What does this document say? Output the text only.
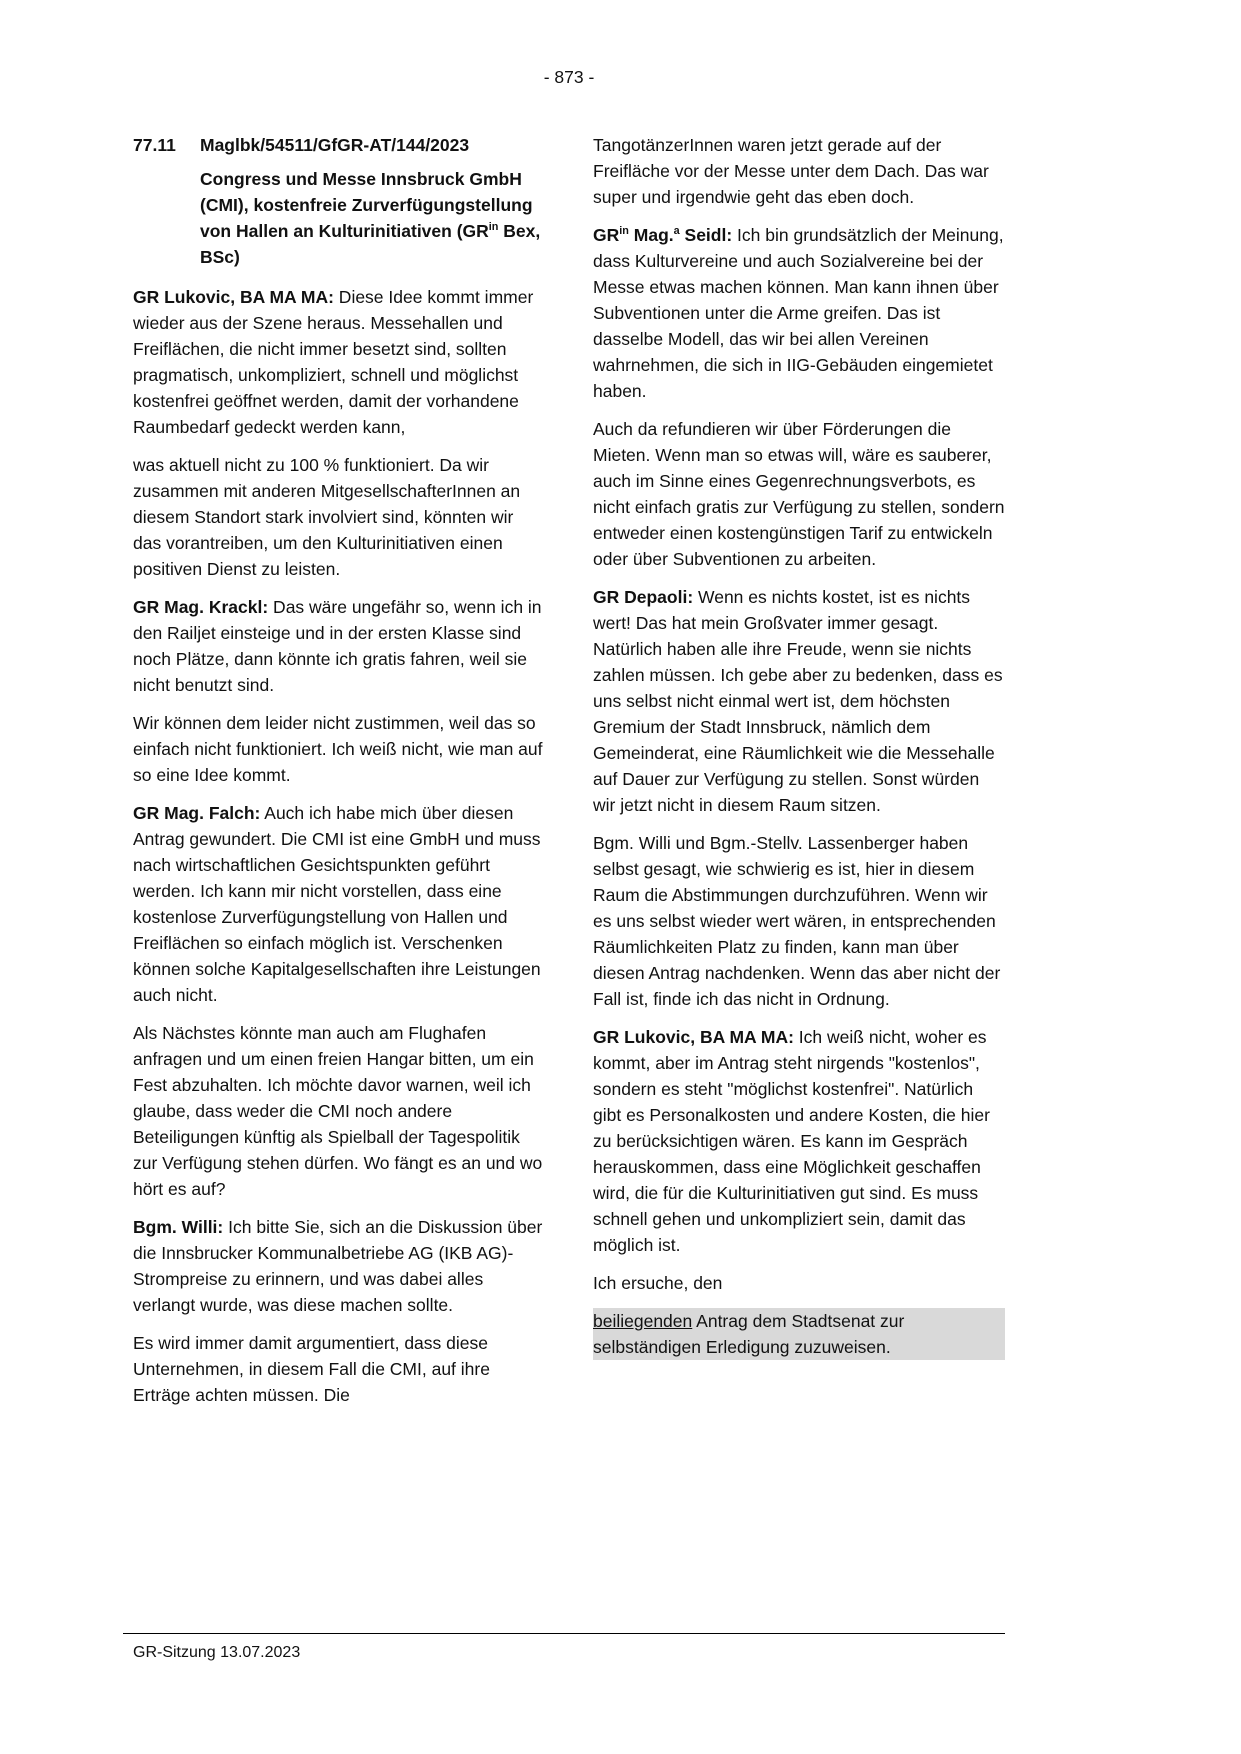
- 873 -
77.11	Maglbk/54511/GfGR-AT/144/2023
Congress und Messe Innsbruck GmbH (CMI), kostenfreie Zurverfügungstellung von Hallen an Kulturinitiativen ($GR^{in}$ Bex, BSc)

GR Lukovic, BA MA MA: Diese Idee kommt immer wieder aus der Szene heraus. Messehallen und Freiflächen, die nicht immer besetzt sind, sollten pragmatisch, unkompliziert, schnell und möglichst kostenfrei geöffnet werden, damit der vorhandene Raumbedarf gedeckt werden kann,

was aktuell nicht zu 100 % funktioniert. Da wir zusammen mit anderen MitgesellschafterInnen an diesem Standort stark involviert sind, könnten wir das vorantreiben, um den Kulturinitiativen einen positiven Dienst zu leisten.

GR Mag. Krackl: Das wäre ungefähr so, wenn ich in den Railjet einsteige und in der ersten Klasse sind noch Plätze, dann könnte ich gratis fahren, weil sie nicht benutzt sind.

Wir können dem leider nicht zustimmen, weil das so einfach nicht funktioniert. Ich weiß nicht, wie man auf so eine Idee kommt.

GR Mag. Falch: Auch ich habe mich über diesen Antrag gewundert. Die CMI ist eine GmbH und muss nach wirtschaftlichen Gesichtspunkten geführt werden. Ich kann mir nicht vorstellen, dass eine kostenlose Zurverfügungstellung von Hallen und Freiflächen so einfach möglich ist. Verschenken können solche Kapitalgesellschaften ihre Leistungen auch nicht.

Als Nächstes könnte man auch am Flughafen anfragen und um einen freien Hangar bitten, um ein Fest abzuhalten. Ich möchte davor warnen, weil ich glaube, dass weder die CMI noch andere Beteiligungen künftig als Spielball der Tagespolitik zur Verfügung stehen dürfen. Wo fängt es an und wo hört es auf?

Bgm. Willi: Ich bitte Sie, sich an die Diskussion über die Innsbrucker Kommunalbetriebe AG (IKB AG)-Strompreise zu erinnern, und was dabei alles verlangt wurde, was diese machen sollte.

Es wird immer damit argumentiert, dass diese Unternehmen, in diesem Fall die CMI, auf ihre Erträge achten müssen. Die

TangotänzerInnen waren jetzt gerade auf der Freifläche vor der Messe unter dem Dach. Das war super und irgendwie geht das eben doch.

$GR^{in}$ Mag.$^a$ Seidl: Ich bin grundsätzlich der Meinung, dass Kulturvereine und auch Sozialvereine bei der Messe etwas machen können. Man kann ihnen über Subventionen unter die Arme greifen. Das ist dasselbe Modell, das wir bei allen Vereinen wahrnehmen, die sich in IIG-Gebäuden eingemietet haben.

Auch da refundieren wir über Förderungen die Mieten. Wenn man so etwas will, wäre es sauberer, auch im Sinne eines Gegenrechnungsverbots, es nicht einfach gratis zur Verfügung zu stellen, sondern entweder einen kostengünstigen Tarif zu entwickeln oder über Subventionen zu arbeiten.

GR Depaoli: Wenn es nichts kostet, ist es nichts wert! Das hat mein Großvater immer gesagt. Natürlich haben alle ihre Freude, wenn sie nichts zahlen müssen. Ich gebe aber zu bedenken, dass es uns selbst nicht einmal wert ist, dem höchsten Gremium der Stadt Innsbruck, nämlich dem Gemeinderat, eine Räumlichkeit wie die Messehalle auf Dauer zur Verfügung zu stellen. Sonst würden wir jetzt nicht in diesem Raum sitzen.

Bgm. Willi und Bgm.-Stellv. Lassenberger haben selbst gesagt, wie schwierig es ist, hier in diesem Raum die Abstimmungen durchzuführen. Wenn wir es uns selbst wieder wert wären, in entsprechenden Räumlichkeiten Platz zu finden, kann man über diesen Antrag nachdenken. Wenn das aber nicht der Fall ist, finde ich das nicht in Ordnung.

GR Lukovic, BA MA MA: Ich weiß nicht, woher es kommt, aber im Antrag steht nirgends "kostenlos", sondern es steht "möglichst kostenfrei". Natürlich gibt es Personalkosten und andere Kosten, die hier zu berücksichtigen wären. Es kann im Gespräch herauskommen, dass eine Möglichkeit geschaffen wird, die für die Kulturinitiativen gut sind. Es muss schnell gehen und unkompliziert sein, damit das möglich ist.

Ich ersuche, den

beiliegenden Antrag dem Stadtsenat zur selbständigen Erledigung zuzuweisen.

GR-Sitzung 13.07.2023
